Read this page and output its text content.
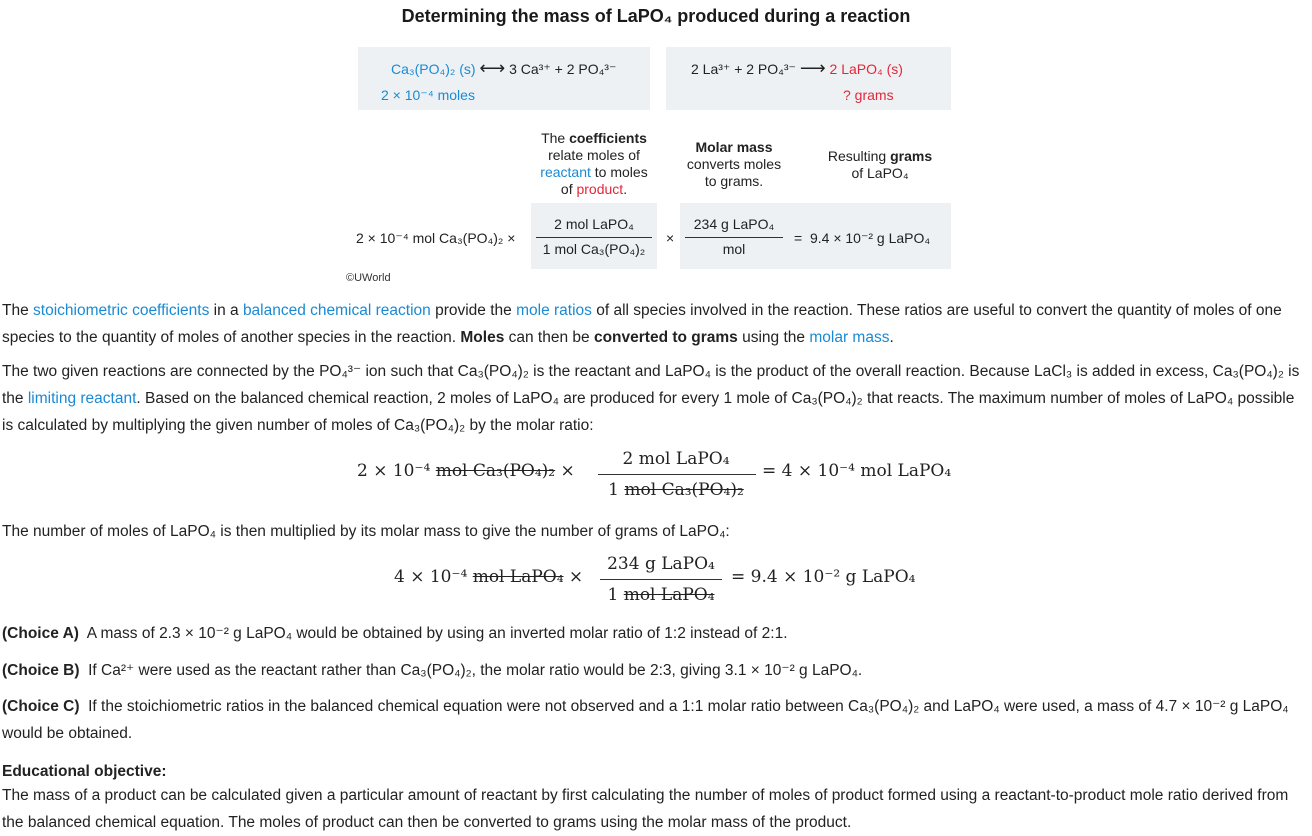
Determining the mass of LaPO₄ produced during a reaction
Ca₃(PO₄)₂ (s) ⟷ 3 Ca³⁺ + 2 PO₄³⁻
2 × 10⁻⁴ moles
2 La³⁺ + 2 PO₄³⁻ ⟶ 2 LaPO₄ (s)
? grams
The coefficients
relate moles of
reactant to moles
of product.
Molar mass
converts moles
to grams.
Resulting grams
of LaPO₄
2 × 10⁻⁴ mol Ca₃(PO₄)₂ ×
2 mol LaPO₄
1 mol Ca₃(PO₄)₂
×
234 g LaPO₄
mol
= 9.4 × 10⁻² g LaPO₄
©UWorld
The stoichiometric coefficients in a balanced chemical reaction provide the mole ratios of all species involved in the reaction. These ratios are useful to convert the quantity of moles of one species to the quantity of moles of another species in the reaction. Moles can then be converted to grams using the molar mass.
The two given reactions are connected by the PO₄³⁻ ion such that Ca₃(PO₄)₂ is the reactant and LaPO₄ is the product of the overall reaction. Because LaCl₃ is added in excess, Ca₃(PO₄)₂ is the limiting reactant. Based on the balanced chemical reaction, 2 moles of LaPO₄ are produced for every 1 mole of Ca₃(PO₄)₂ that reacts. The maximum number of moles of LaPO₄ possible is calculated by multiplying the given number of moles of Ca₃(PO₄)₂ by the molar ratio:
2 × 10⁻⁴ mol Ca₃(PO₄)₂ ×
2 mol LaPO₄
1 mol Ca₃(PO₄)₂
= 4 × 10⁻⁴ mol LaPO₄
The number of moles of LaPO₄ is then multiplied by its molar mass to give the number of grams of LaPO₄:
4 × 10⁻⁴ mol LaPO₄ ×
234 g LaPO₄
1 mol LaPO₄
= 9.4 × 10⁻² g LaPO₄
(Choice A) A mass of 2.3 × 10⁻² g LaPO₄ would be obtained by using an inverted molar ratio of 1:2 instead of 2:1.
(Choice B) If Ca²⁺ were used as the reactant rather than Ca₃(PO₄)₂, the molar ratio would be 2:3, giving 3.1 × 10⁻² g LaPO₄.
(Choice C) If the stoichiometric ratios in the balanced chemical equation were not observed and a 1:1 molar ratio between Ca₃(PO₄)₂ and LaPO₄ were used, a mass of 4.7 × 10⁻² g LaPO₄ would be obtained.
Educational objective:
The mass of a product can be calculated given a particular amount of reactant by first calculating the number of moles of product formed using a reactant-to-product mole ratio derived from the balanced chemical equation. The moles of product can then be converted to grams using the molar mass of the product.
